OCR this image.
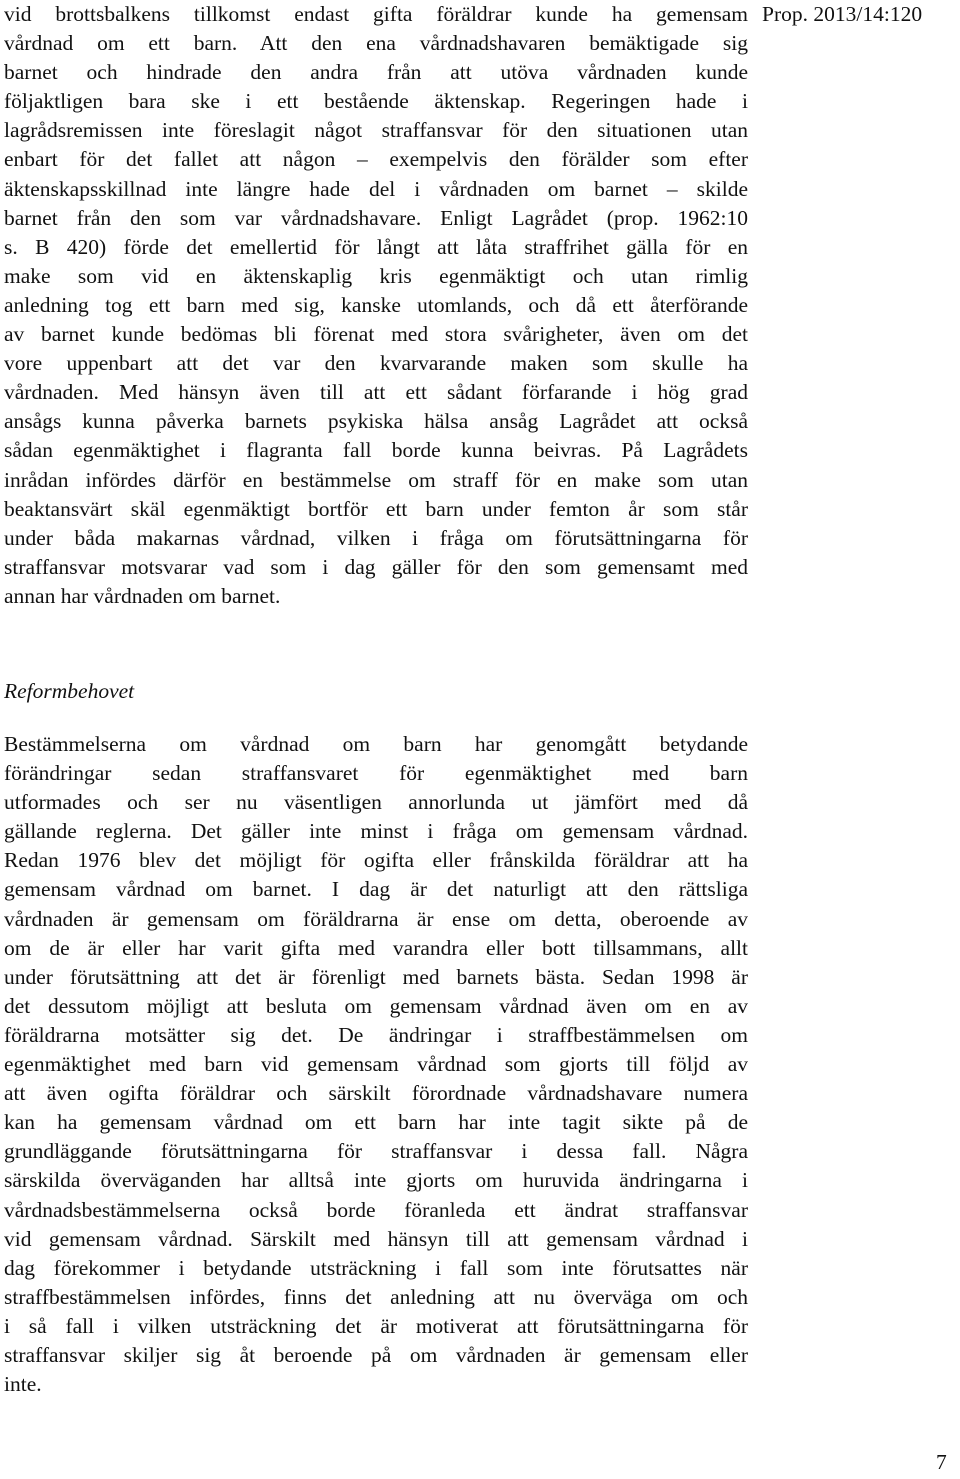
Prop. 2013/14:120
vid brottsbalkens tillkomst endast gifta föräldrar kunde ha gemensam
vårdnad om ett barn. Att den ena vårdnadshavaren bemäktigade sig
barnet och hindrade den andra från att utöva vårdnaden kunde
följaktligen bara ske i ett bestående äktenskap. Regeringen hade i
lagrådsremissen inte föreslagit något straffansvar för den situationen utan
enbart för det fallet att någon – exempelvis den förälder som efter
äktenskapsskillnad inte längre hade del i vårdnaden om barnet – skilde
barnet från den som var vårdnadshavare. Enligt Lagrådet (prop. 1962:10
s. B 420) förde det emellertid för långt att låta straffrihet gälla för en
make som vid en äktenskaplig kris egenmäktigt och utan rimlig
anledning tog ett barn med sig, kanske utomlands, och då ett återförande
av barnet kunde bedömas bli förenat med stora svårigheter, även om det
vore uppenbart att det var den kvarvarande maken som skulle ha
vårdnaden. Med hänsyn även till att ett sådant förfarande i hög grad
ansågs kunna påverka barnets psykiska hälsa ansåg Lagrådet att också
sådan egenmäktighet i flagranta fall borde kunna beivras. På Lagrådets
inrådan infördes därför en bestämmelse om straff för en make som utan
beaktansvärt skäl egenmäktigt bortför ett barn under femton år som står
under båda makarnas vårdnad, vilken i fråga om förutsättningarna för
straffansvar motsvarar vad som i dag gäller för den som gemensamt med
annan har vårdnaden om barnet.
Reformbehovet
Bestämmelserna om vårdnad om barn har genomgått betydande
förändringar sedan straffansvaret för egenmäktighet med barn
utformades och ser nu väsentligen annorlunda ut jämfört med då
gällande reglerna. Det gäller inte minst i fråga om gemensam vårdnad.
Redan 1976 blev det möjligt för ogifta eller frånskilda föräldrar att ha
gemensam vårdnad om barnet. I dag är det naturligt att den rättsliga
vårdnaden är gemensam om föräldrarna är ense om detta, oberoende av
om de är eller har varit gifta med varandra eller bott tillsammans, allt
under förutsättning att det är förenligt med barnets bästa. Sedan 1998 är
det dessutom möjligt att besluta om gemensam vårdnad även om en av
föräldrarna motsätter sig det. De ändringar i straffbestämmelsen om
egenmäktighet med barn vid gemensam vårdnad som gjorts till följd av
att även ogifta föräldrar och särskilt förordnade vårdnadshavare numera
kan ha gemensam vårdnad om ett barn har inte tagit sikte på de
grundläggande förutsättningarna för straffansvar i dessa fall. Några
särskilda överväganden har alltså inte gjorts om huruvida ändringarna i
vårdnadsbestämmelserna också borde föranleda ett ändrat straffansvar
vid gemensam vårdnad. Särskilt med hänsyn till att gemensam vårdnad i
dag förekommer i betydande utsträckning i fall som inte förutsattes när
straffbestämmelsen infördes, finns det anledning att nu överväga om och
i så fall i vilken utsträckning det är motiverat att förutsättningarna för
straffansvar skiljer sig åt beroende på om vårdnaden är gemensam eller
inte.
7
